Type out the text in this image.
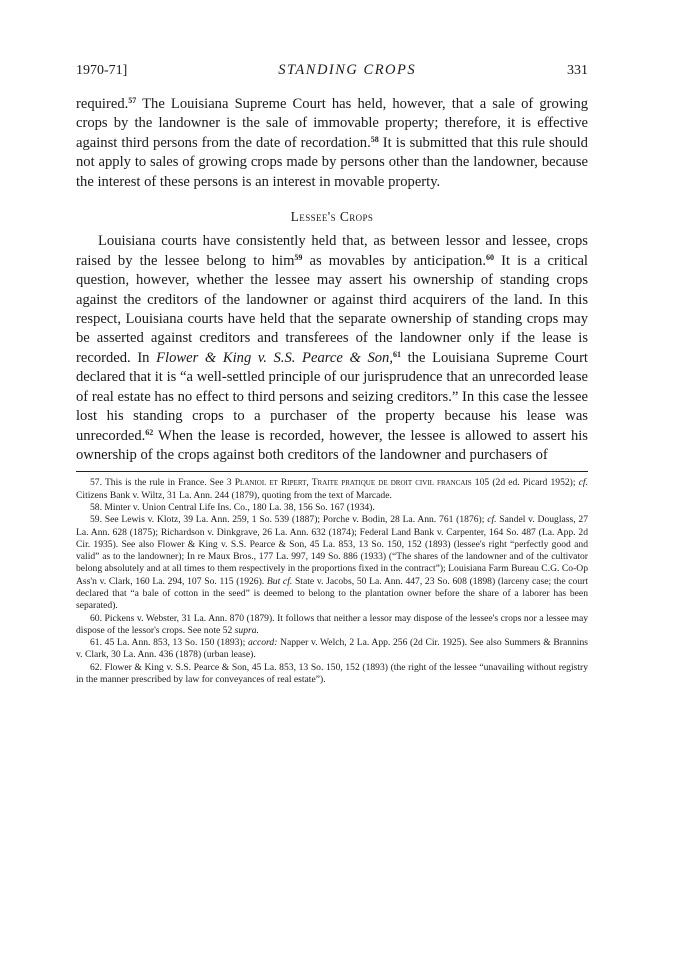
1970-71]	STANDING CROPS	331

required.$^{57}$ The Louisiana Supreme Court has held, however, that a sale of growing crops by the landowner is the sale of immovable property; therefore, it is effective against third persons from the date of recordation.$^{58}$ It is submitted that this rule should not apply to sales of growing crops made by persons other than the landowner, because the interest of these persons is an interest in movable property.

Lessee's Crops

Louisiana courts have consistently held that, as between lessor and lessee, crops raised by the lessee belong to him$^{59}$ as movables by anticipation.$^{60}$ It is a critical question, however, whether the lessee may assert his ownership of standing crops against the creditors of the landowner or against third acquirers of the land. In this respect, Louisiana courts have held that the separate ownership of standing crops may be asserted against creditors and transferees of the landowner only if the lease is recorded. In Flower & King v. S.S. Pearce & Son,$^{61}$ the Louisiana Supreme Court declared that it is “a well-settled principle of our jurisprudence that an unrecorded lease of real estate has no effect to third persons and seizing creditors.” In this case the lessee lost his standing crops to a purchaser of the property because his lease was unrecorded.$^{62}$ When the lease is recorded, however, the lessee is allowed to assert his ownership of the crops against both creditors of the landowner and purchasers of

57. This is the rule in France. See 3 Planiol et Ripert, Traite pratique de droit civil francais 105 (2d ed. Picard 1952); cf. Citizens Bank v. Wiltz, 31 La. Ann. 244 (1879), quoting from the text of Marcade.

58. Minter v. Union Central Life Ins. Co., 180 La. 38, 156 So. 167 (1934).

59. See Lewis v. Klotz, 39 La. Ann. 259, 1 So. 539 (1887); Porche v. Bodin, 28 La. Ann. 761 (1876); cf. Sandel v. Douglass, 27 La. Ann. 628 (1875); Richardson v. Dinkgrave, 26 La. Ann. 632 (1874); Federal Land Bank v. Carpenter, 164 So. 487 (La. App. 2d Cir. 1935). See also Flower & King v. S.S. Pearce & Son, 45 La. 853, 13 So. 150, 152 (1893) (lessee's right “perfectly good and valid” as to the landowner); In re Maux Bros., 177 La. 997, 149 So. 886 (1933) (“The shares of the landowner and of the cultivator belong absolutely and at all times to them respectively in the proportions fixed in the contract”); Louisiana Farm Bureau C.G. Co-Op Ass'n v. Clark, 160 La. 294, 107 So. 115 (1926). But cf. State v. Jacobs, 50 La. Ann. 447, 23 So. 608 (1898) (larceny case; the court declared that “a bale of cotton in the seed” is deemed to belong to the plantation owner before the share of a laborer has been separated).

60. Pickens v. Webster, 31 La. Ann. 870 (1879). It follows that neither a lessor may dispose of the lessee's crops nor a lessee may dispose of the lessor's crops. See note 52 supra.

61. 45 La. Ann. 853, 13 So. 150 (1893); accord: Napper v. Welch, 2 La. App. 256 (2d Cir. 1925). See also Summers & Brannins v. Clark, 30 La. Ann. 436 (1878) (urban lease).

62. Flower & King v. S.S. Pearce & Son, 45 La. 853, 13 So. 150, 152 (1893) (the right of the lessee “unavailing without registry in the manner prescribed by law for conveyances of real estate”).
